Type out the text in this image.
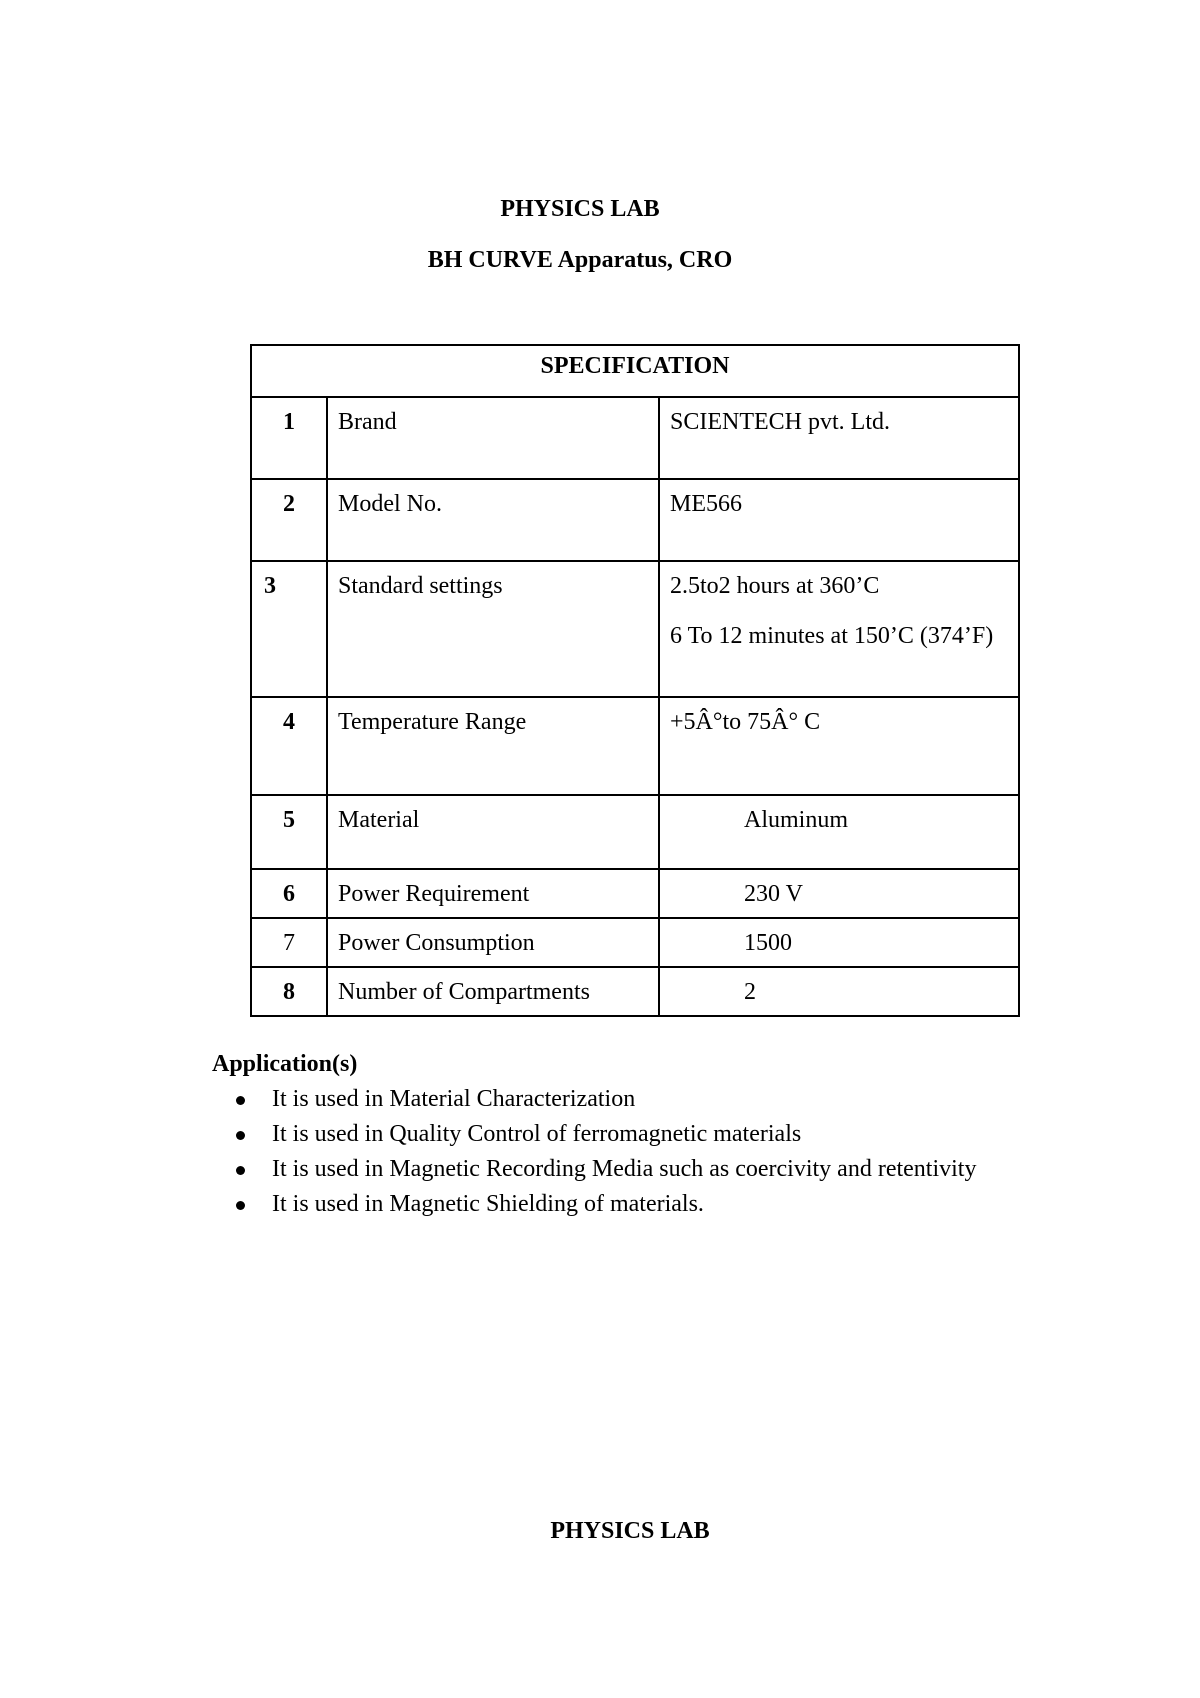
PHYSICS LAB
BH CURVE Apparatus, CRO
SPECIFICATION		
1	Brand	SCIENTECH pvt. Ltd.
2	Model No.	ME566
3	Standard settings	2.5to2 hours at 360’C
6 To 12 minutes at 150’C (374’F)

4	Temperature Range	+5Â°to 75Â° C
5	Material	Aluminum
6	Power Requirement	230 V
7	Power Consumption	1500
8	Number of Compartments	2
Application(s)
It is used in Material Characterization
It is used in Quality Control of ferromagnetic materials
It is used in Magnetic Recording Media such as coercivity and retentivity
It is used in Magnetic Shielding of materials.
PHYSICS LAB
